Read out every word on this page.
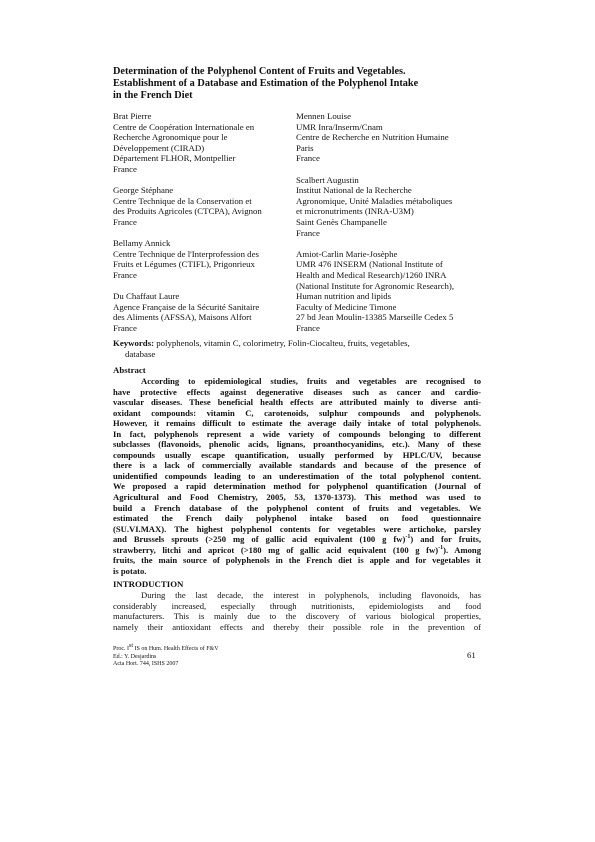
Determination of the Polyphenol Content of Fruits and Vegetables.
Establishment of a Database and Estimation of the Polyphenol Intake
in the French Diet
Brat Pierre
Centre de Coopération Internationale en
Recherche Agronomique pour le
Développement (CIRAD)
Département FLHOR, Montpellier
France
George Stéphane
Centre Technique de la Conservation et
des Produits Agricoles (CTCPA), Avignon
France
Bellamy Annick
Centre Technique de l'Interprofession des
Fruits et Légumes (CTIFL), Prigonrieux
France
Du Chaffaut Laure
Agence Française de la Sécurité Sanitaire
des Aliments (AFSSA), Maisons Alfort
France
Mennen Louise
UMR Inra/Inserm/Cnam
Centre de Recherche en Nutrition Humaine
Paris
France
Scalbert Augustin
Institut National de la Recherche
Agronomique, Unité Maladies métaboliques
et micronutriments (INRA-U3M)
Saint Genès Champanelle
France
Amiot-Carlin Marie-Josèphe
UMR 476 INSERM (National Institute of
Health and Medical Research)/1260 INRA
(National Institute for Agronomic Research),
Human nutrition and lipids
Faculty of Medicine Timone
27 bd Jean Moulin-13385 Marseille Cedex 5
France
Keywords: polyphenols, vitamin C, colorimetry, Folin-Ciocalteu, fruits, vegetables,
database
Abstract
According to epidemiological studies, fruits and vegetables are recognised to
have protective effects against degenerative diseases such as cancer and cardio-
vascular diseases. These beneficial health effects are attributed mainly to diverse anti-
oxidant compounds: vitamin C, carotenoids, sulphur compounds and polyphenols.
However, it remains difficult to estimate the average daily intake of total polyphenols.
In fact, polyphenols represent a wide variety of compounds belonging to different
subclasses (flavonoids, phenolic acids, lignans, proanthocyanidins, etc.). Many of these
compounds usually escape quantification, usually performed by HPLC/UV, because
there is a lack of commercially available standards and because of the presence of
unidentified compounds leading to an underestimation of the total polyphenol content.
We proposed a rapid determination method for polyphenol quantification (Journal of
Agricultural and Food Chemistry, 2005, 53, 1370-1373). This method was used to
build a French database of the polyphenol content of fruits and vegetables. We
estimated the French daily polyphenol intake based on food questionnaire
(SU.VI.MAX). The highest polyphenol contents for vegetables were artichoke, parsley
and Brussels sprouts (>250 mg of gallic acid equivalent (100 g fw)$^{-1}$) and for fruits,
strawberry, litchi and apricot (>180 mg of gallic acid equivalent (100 g fw)$^{-1}$). Among
fruits, the main source of polyphenols in the French diet is apple and for vegetables it
is potato.
INTRODUCTION
During the last decade, the interest in polyphenols, including flavonoids, has
considerably increased, especially through nutritionists, epidemiologists and food
manufacturers. This is mainly due to the discovery of various biological properties,
namely their antioxidant effects and thereby their possible role in the prevention of
Proc. Ist IS on Hum. Health Effects of F&V
Ed.: Y. Desjardins
Acta Hort. 744, ISHS 2007
61
